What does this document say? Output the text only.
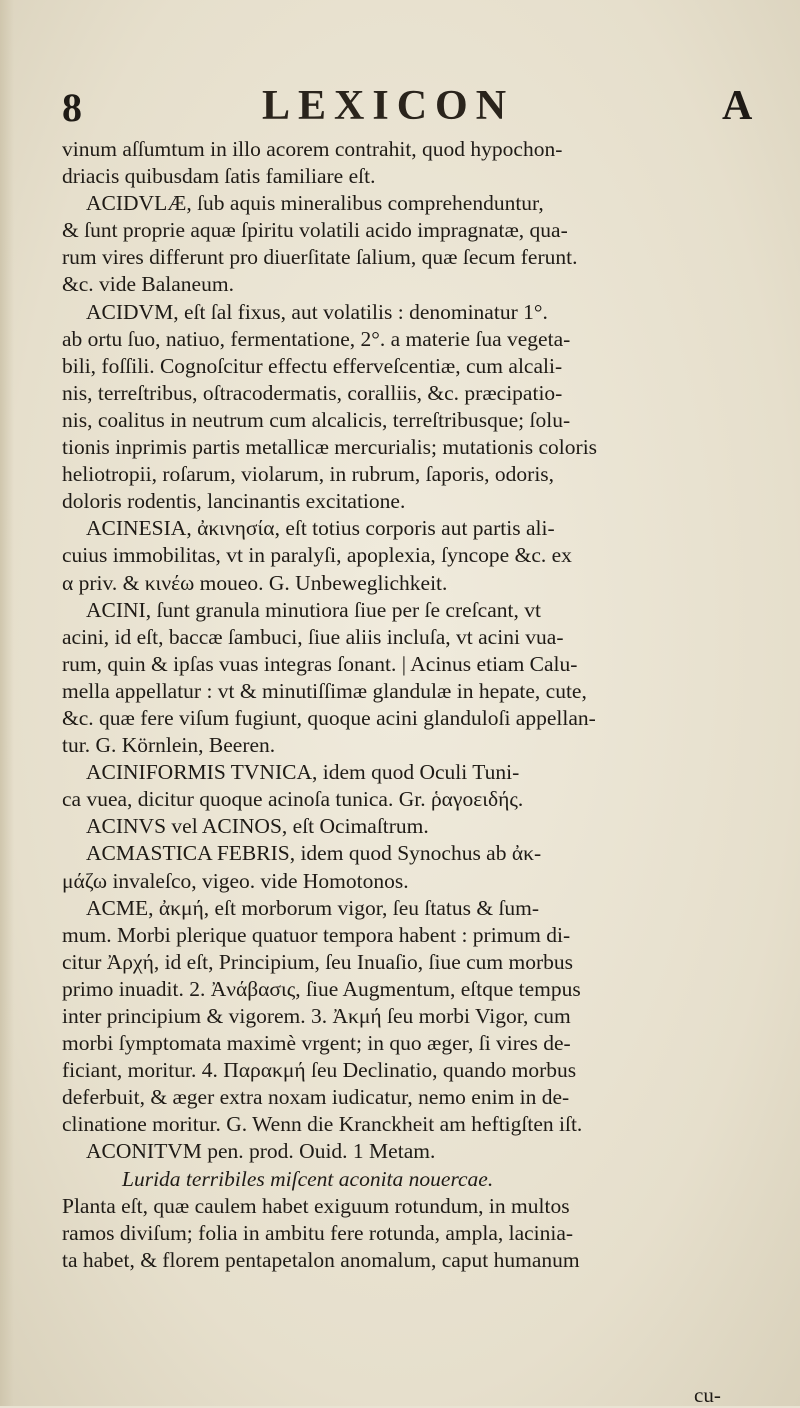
8	LEXICON	A
vinum aſſumtum in illo acorem contrahit, quod hypochon-
driacis quibusdam ſatis familiare eſt.
ACIDVLÆ, ſub aquis mineralibus comprehenduntur,
& ſunt proprie aquæ ſpiritu volatili acido impragnatæ, qua-
rum vires differunt pro diuerſitate ſalium, quæ ſecum ferunt.
&c. vide Balaneum.
ACIDVM, eſt ſal fixus, aut volatilis : denominatur 1°.
ab ortu ſuo, natiuo, fermentatione, 2°. a materie ſua vegeta-
bili, foſſili. Cognoſcitur effectu efferveſcentiæ, cum alcali-
nis, terreſtribus, oſtracodermatis, coralliis, &c. præcipatio-
nis, coalitus in neutrum cum alcalicis, terreſtribusque; ſolu-
tionis inprimis partis metallicæ mercurialis; mutationis coloris
heliotropii, roſarum, violarum, in rubrum, ſaporis, odoris,
doloris rodentis, lancinantis excitatione.
ACINESIA, ἀκινησία, eſt totius corporis aut partis ali-
cuius immobilitas, vt in paralyſi, apoplexia, ſyncope &c. ex
α priv. & κινέω moueo. G. Unbeweglichkeit.
ACINI, ſunt granula minutiora ſiue per ſe creſcant, vt
acini, id eſt, baccæ ſambuci, ſiue aliis incluſa, vt acini vua-
rum, quin & ipſas vuas integras ſonant. | Acinus etiam Calu-
mella appellatur : vt & minutiſſimæ glandulæ in hepate, cute,
&c. quæ fere viſum fugiunt, quoque acini glanduloſi appellan-
tur. G. Körnlein, Beeren.
ACINIFORMIS TVNICA, idem quod Oculi Tuni-
ca vuea, dicitur quoque acinoſa tunica. Gr. ῥαγοειδής.
ACINVS vel ACINOS, eſt Ocimaſtrum.
ACMASTICA FEBRIS, idem quod Synochus ab ἀκ-
μάζω invaleſco, vigeo. vide Homotonos.
ACME, ἀκμή, eſt morborum vigor, ſeu ſtatus & ſum-
mum. Morbi plerique quatuor tempora habent : primum di-
citur Ἀρχή, id eſt, Principium, ſeu Inuaſio, ſiue cum morbus
primo inuadit. 2. Ἀνάβασις, ſiue Augmentum, eſtque tempus
inter principium & vigorem. 3. Ἀκμή ſeu morbi Vigor, cum
morbi ſymptomata maximè vrgent; in quo æger, ſi vires de-
ficiant, moritur. 4. Παρακμή ſeu Declinatio, quando morbus
deferbuit, & æger extra noxam iudicatur, nemo enim in de-
clinatione moritur. G. Wenn die Kranckheit am heftigſten iſt.
ACONITVM pen. prod. Ouid. 1 Metam.
Lurida terribiles miſcent aconita nouercae.
Planta eſt, quæ caulem habet exiguum rotundum, in multos
ramos diviſum; folia in ambitu fere rotunda, ampla, lacinia-
ta habet, & florem pentapetalon anomalum, caput humanum
cu-
